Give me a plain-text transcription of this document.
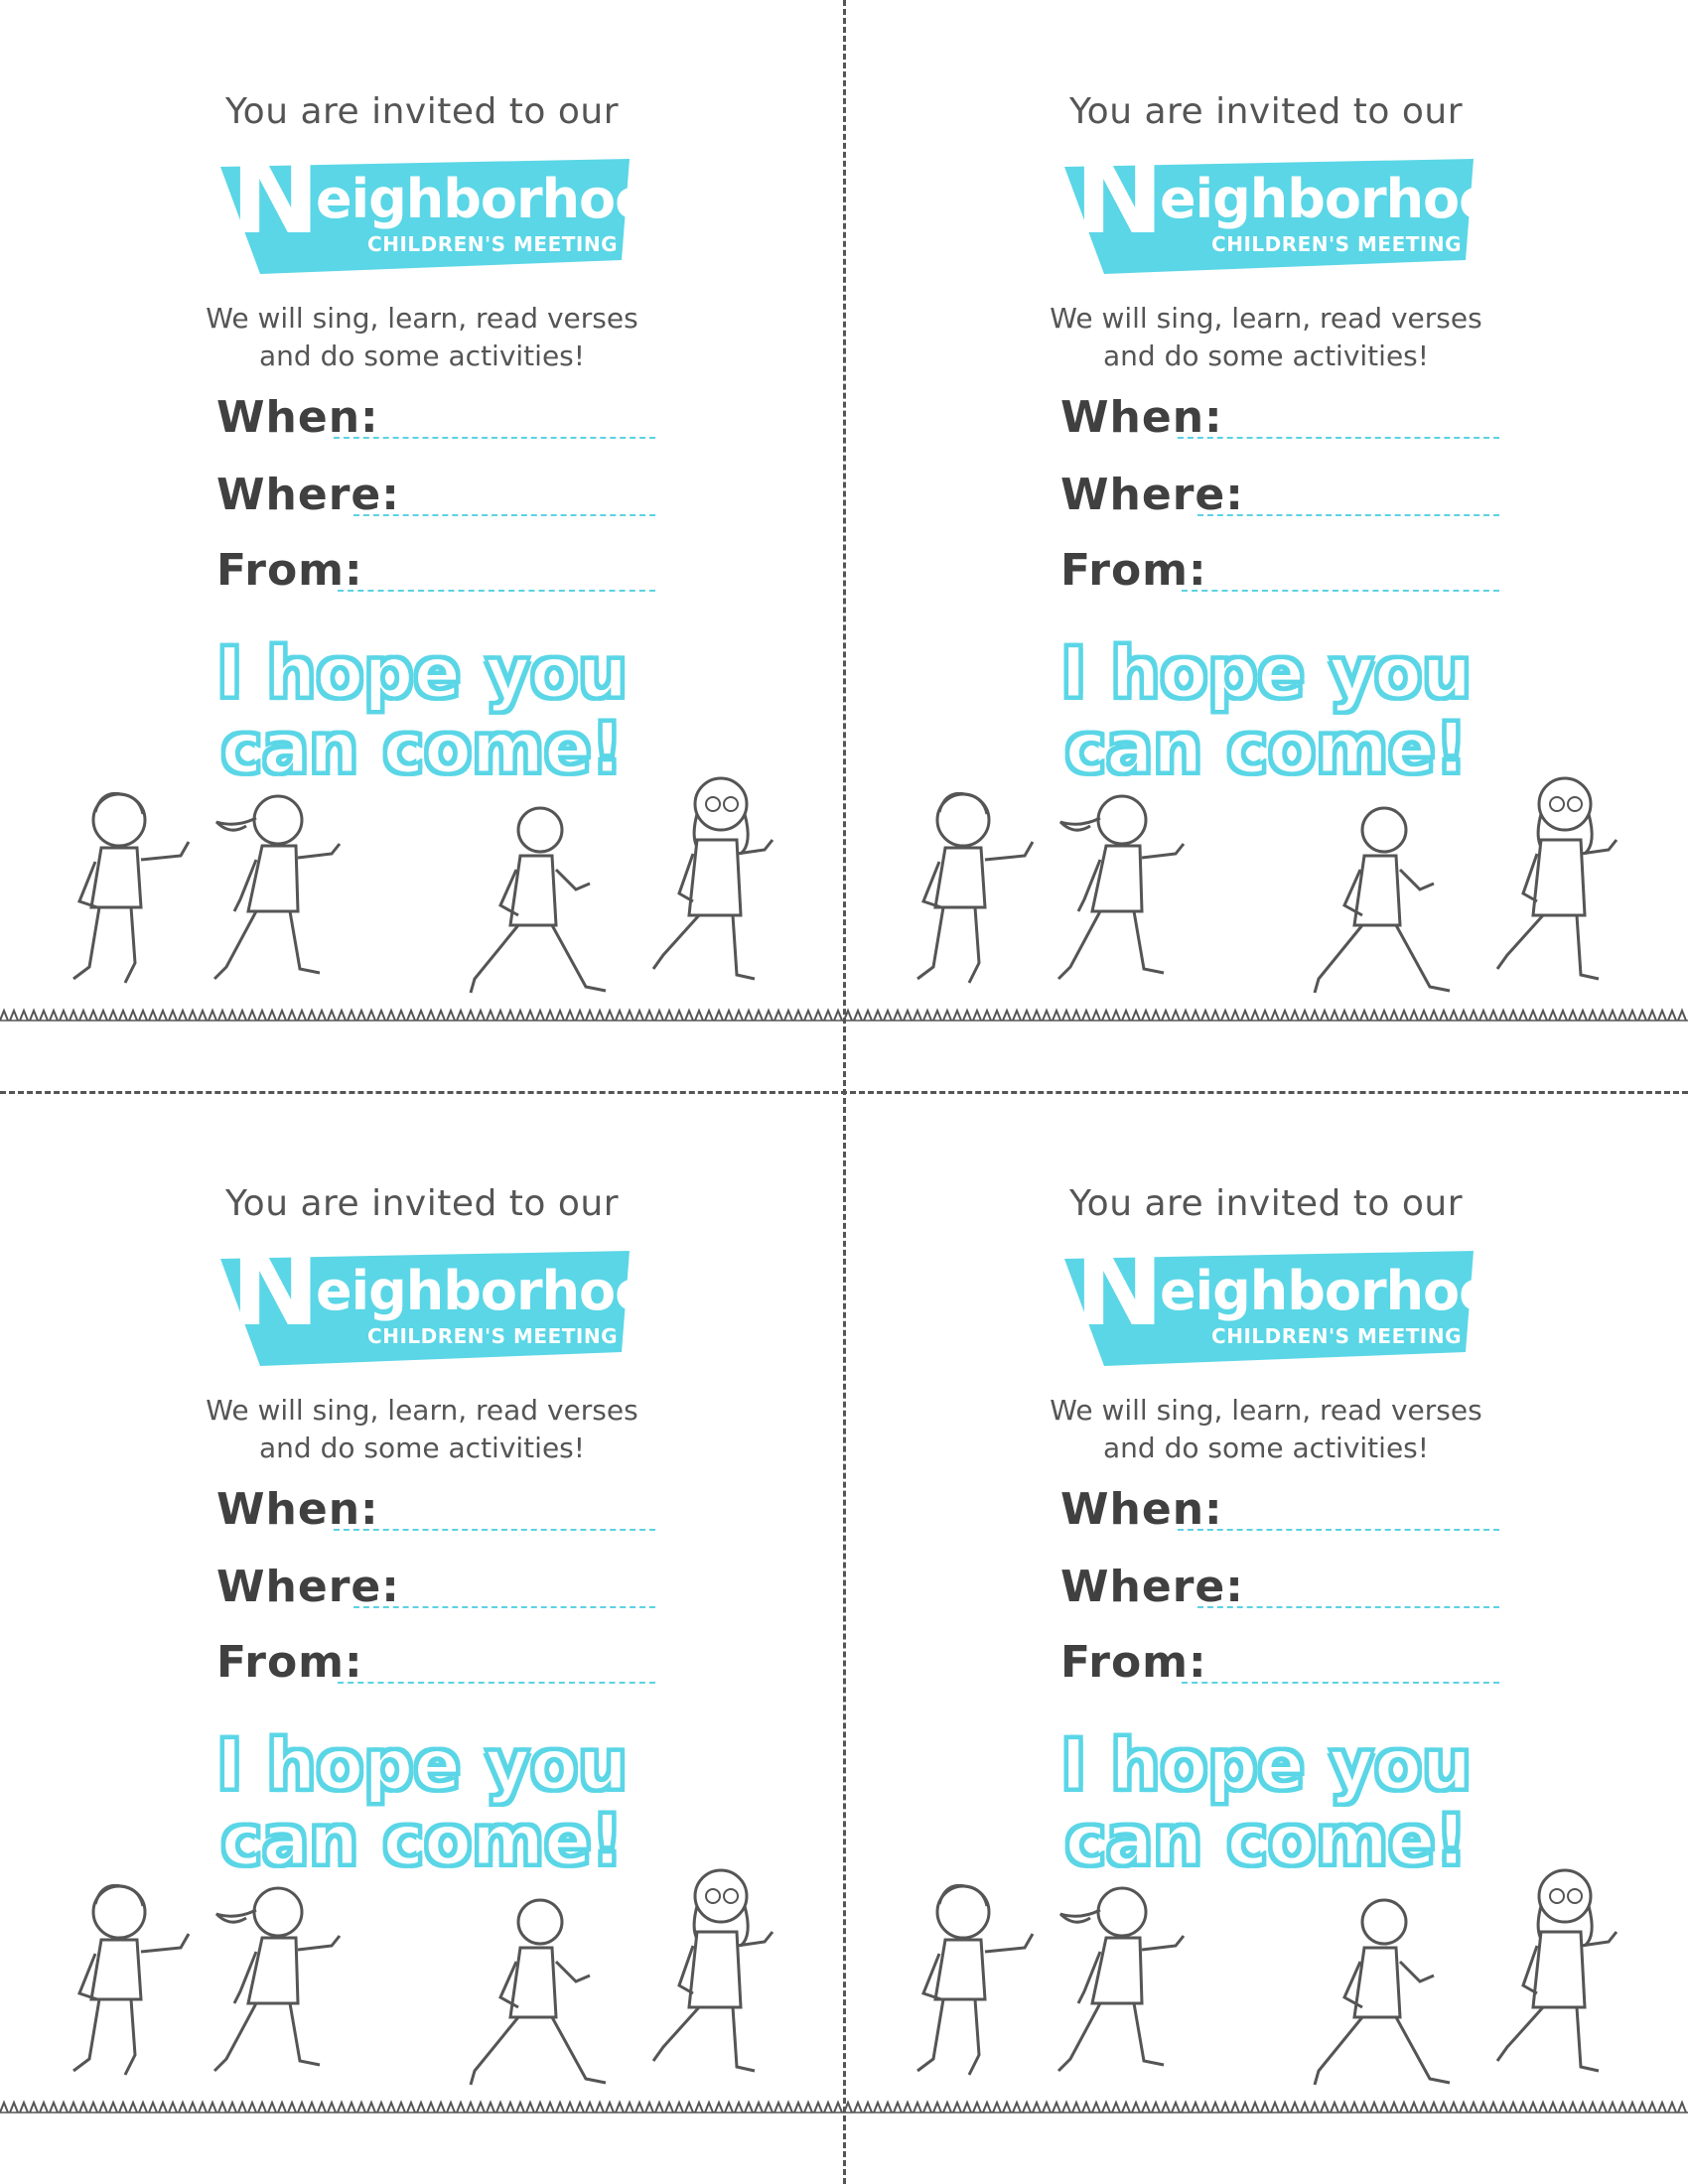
You are invited to our
N
eighborhood
CHILDREN'S MEETING
We will sing, learn, read verses
and do some activities!
When:
Where:
From:
I hope you
can come!
You are invited to our
N
eighborhood
CHILDREN'S MEETING
We will sing, learn, read verses
and do some activities!
When:
Where:
From:
I hope you
can come!
You are invited to our
N
eighborhood
CHILDREN'S MEETING
We will sing, learn, read verses
and do some activities!
When:
Where:
From:
I hope you
can come!
You are invited to our
N
eighborhood
CHILDREN'S MEETING
We will sing, learn, read verses
and do some activities!
When:
Where:
From:
I hope you
can come!
